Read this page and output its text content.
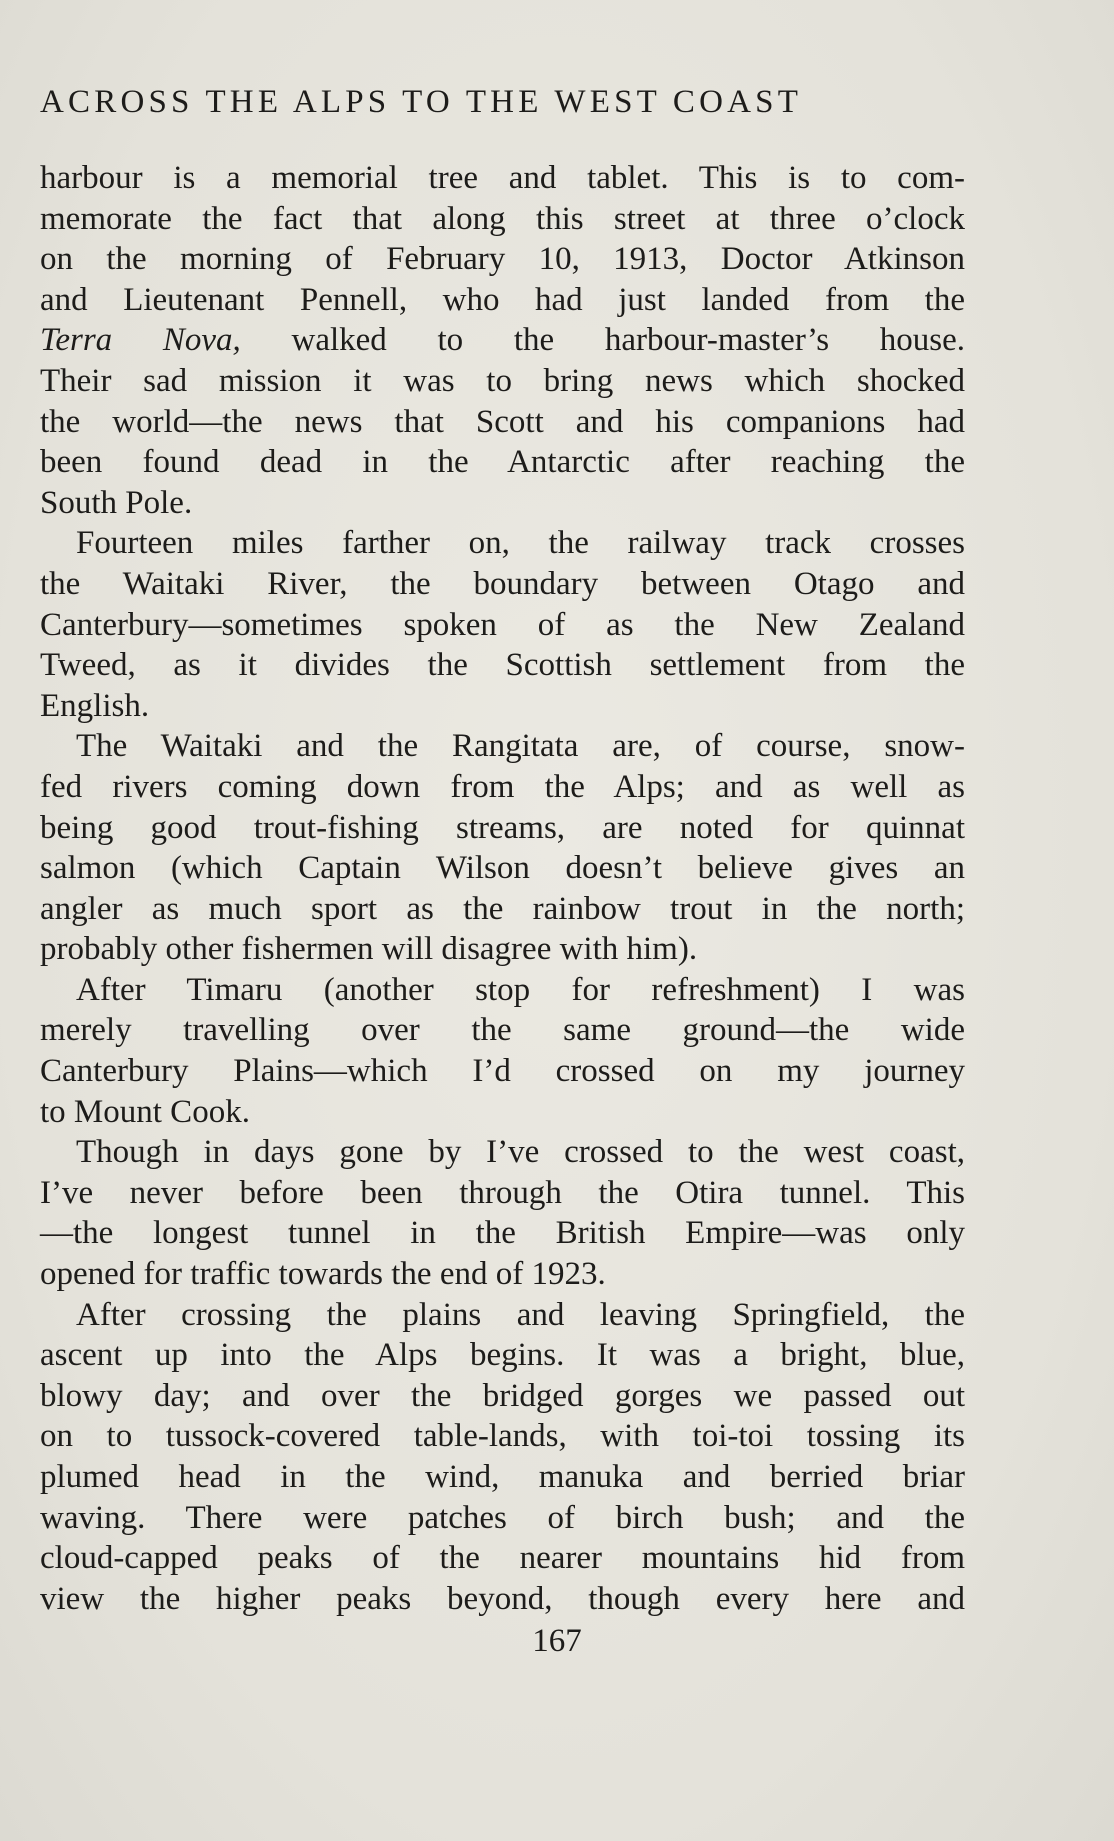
ACROSS THE ALPS TO THE WEST COAST
harbour is a memorial tree and tablet. This is to com-
memorate the fact that along this street at three o’clock
on the morning of February 10, 1913, Doctor Atkinson
and Lieutenant Pennell, who had just landed from the
Terra Nova, walked to the harbour-master’s house.
Their sad mission it was to bring news which shocked
the world—the news that Scott and his companions had
been found dead in the Antarctic after reaching the
South Pole.
Fourteen miles farther on, the railway track crosses
the Waitaki River, the boundary between Otago and
Canterbury—sometimes spoken of as the New Zealand
Tweed, as it divides the Scottish settlement from the
English.
The Waitaki and the Rangitata are, of course, snow-
fed rivers coming down from the Alps; and as well as
being good trout-fishing streams, are noted for quinnat
salmon (which Captain Wilson doesn’t believe gives an
angler as much sport as the rainbow trout in the north;
probably other fishermen will disagree with him).
After Timaru (another stop for refreshment) I was
merely travelling over the same ground—the wide
Canterbury Plains—which I’d crossed on my journey
to Mount Cook.
Though in days gone by I’ve crossed to the west coast,
I’ve never before been through the Otira tunnel. This
—the longest tunnel in the British Empire—was only
opened for traffic towards the end of 1923.
After crossing the plains and leaving Springfield, the
ascent up into the Alps begins. It was a bright, blue,
blowy day; and over the bridged gorges we passed out
on to tussock-covered table-lands, with toi-toi tossing its
plumed head in the wind, manuka and berried briar
waving. There were patches of birch bush; and the
cloud-capped peaks of the nearer mountains hid from
view the higher peaks beyond, though every here and
167
